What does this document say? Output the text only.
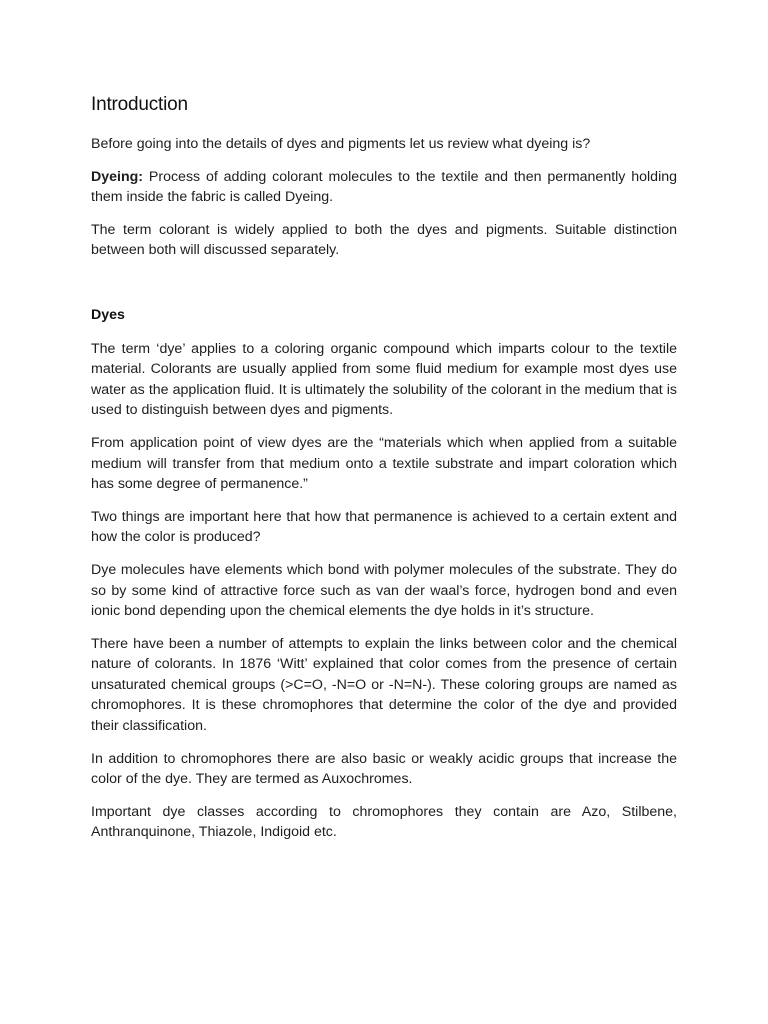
Introduction

Before going into the details of dyes and pigments let us review what dyeing is?

Dyeing: Process of adding colorant molecules to the textile and then permanently holding them inside the fabric is called Dyeing.

The term colorant is widely applied to both the dyes and pigments. Suitable distinction between both will discussed separately.

Dyes

The term ‘dye’ applies to a coloring organic compound which imparts colour to the textile material. Colorants are usually applied from some fluid medium for example most dyes use water as the application fluid. It is ultimately the solubility of the colorant in the medium that is used to distinguish between dyes and pigments.

From application point of view dyes are the “materials which when applied from a suitable medium will transfer from that medium onto a textile substrate and impart coloration which has some degree of permanence.”

Two things are important here that how that permanence is achieved to a certain extent and how the color is produced?

Dye molecules have elements which bond with polymer molecules of the substrate. They do so by some kind of attractive force such as van der waal’s force, hydrogen bond and even ionic bond depending upon the chemical elements the dye holds in it’s structure.

There have been a number of attempts to explain the links between color and the chemical nature of colorants. In 1876 ‘Witt’ explained that color comes from the presence of certain unsaturated chemical groups (>C=O, -N=O or -N=N-). These coloring groups are named as chromophores. It is these chromophores that determine the color of the dye and provided their classification.

In addition to chromophores there are also basic or weakly acidic groups that increase the color of the dye. They are termed as Auxochromes.

Important dye classes according to chromophores they contain are Azo, Stilbene, Anthranquinone, Thiazole, Indigoid etc.
